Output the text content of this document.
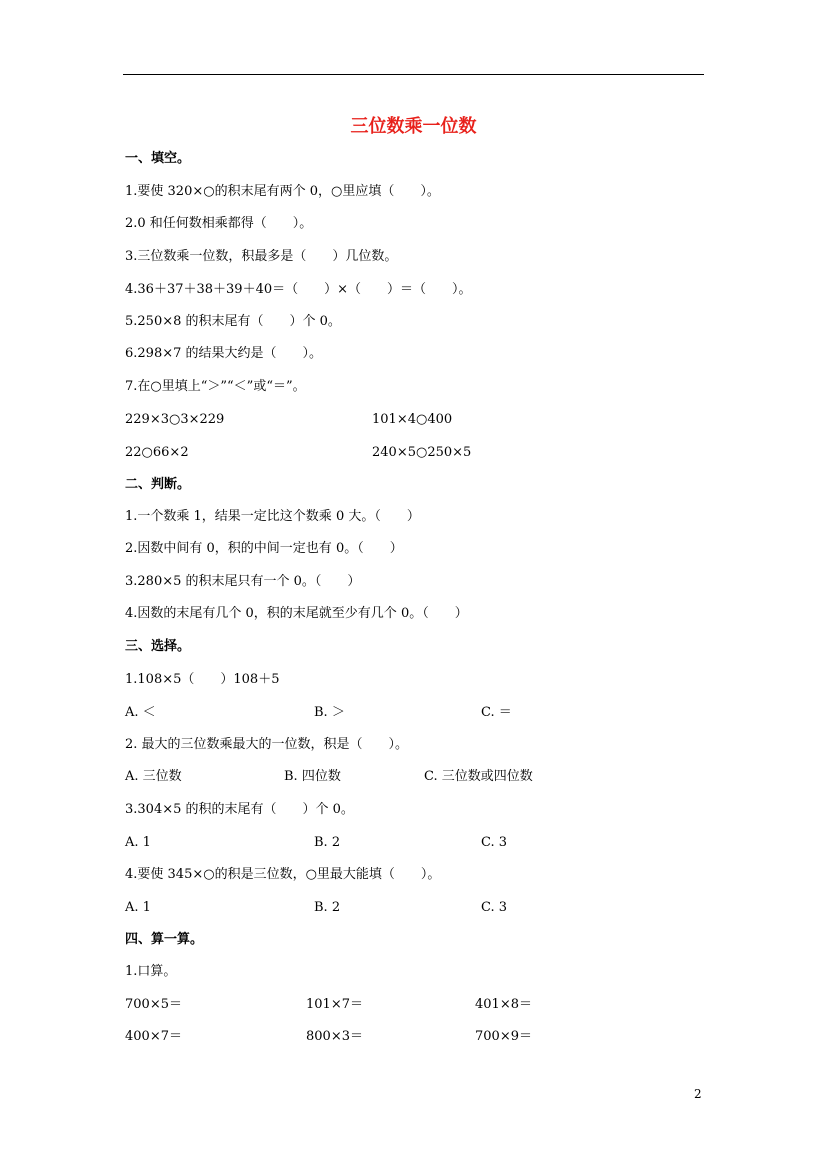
三位数乘一位数
一、填空。
1.要使 320×○的积末尾有两个 0，○里应填（　　）。
2.0 和任何数相乘都得（　　）。
3.三位数乘一位数，积最多是（　　）几位数。
4.36＋37＋38＋39＋40＝（　　）×（　　）＝（　　）。
5.250×8 的积末尾有（　　）个 0。
6.298×7 的结果大约是（　　）。
7.在○里填上“＞”“＜”或“＝”。
229×3○3×229	101×4○400
22○66×2	240×5○250×5
二、判断。
1.一个数乘 1，结果一定比这个数乘 0 大。（　　）
2.因数中间有 0，积的中间一定也有 0。（　　）
3.280×5 的积末尾只有一个 0。（　　）
4.因数的末尾有几个 0，积的末尾就至少有几个 0。（　　）
三、选择。
1.108×5（　　）108＋5
A. ＜	B. ＞	C. ＝
2. 最大的三位数乘最大的一位数，积是（　　）。
A. 三位数	B. 四位数	C. 三位数或四位数
3.304×5 的积的末尾有（　　）个 0。
A. 1	B. 2	C. 3
4.要使 345×○的积是三位数，○里最大能填（　　）。
A. 1	B. 2	C. 3
四、算一算。
1.口算。
700×5＝	101×7＝	401×8＝
400×7＝	800×3＝	700×9＝
2
